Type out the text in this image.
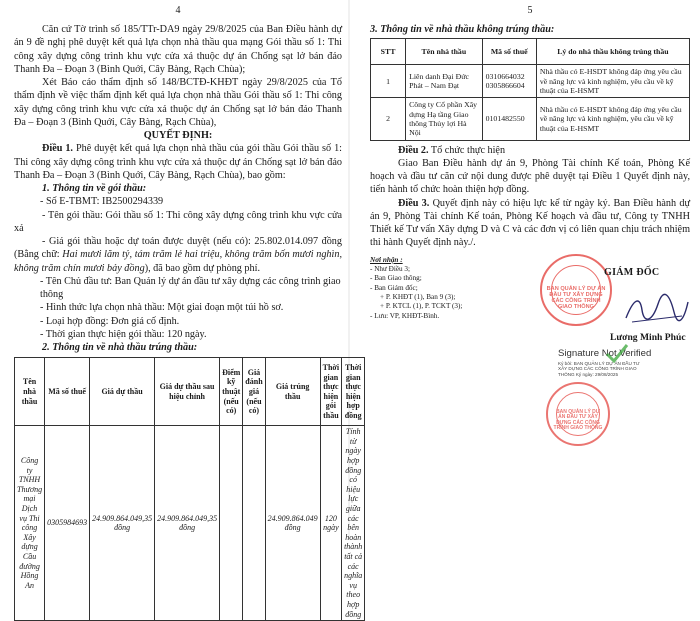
4

Căn cứ Tờ trình số 185/TTr-DA9 ngày 29/8/2025 của Ban Điều hành dự án 9 đề nghị phê duyệt kết quả lựa chọn nhà thầu qua mạng Gói thầu số 1: Thi công xây dựng công trình khu vực cửa xả thuộc dự án Chống sạt lở bán đảo Thanh Đa – Đoạn 3 (Bình Quới, Cây Bàng, Rạch Chùa);

Xét Báo cáo thẩm định số 148/BCTĐ-KHĐT ngày 29/8/2025 của Tổ thẩm định về việc thẩm định kết quả lựa chọn nhà thầu Gói thầu số 1: Thi công xây dựng công trình khu vực cửa xả thuộc dự án Chống sạt lở bán đảo Thanh Đa – Đoạn 3 (Bình Quới, Cây Bàng, Rạch Chùa),

QUYẾT ĐỊNH:

Điều 1. Phê duyệt kết quả lựa chọn nhà thầu của gói thầu Gói thầu số 1: Thi công xây dựng công trình khu vực cửa xả thuộc dự án Chống sạt lở bán đảo Thanh Đa – Đoạn 3 (Bình Quới, Cây Bàng, Rạch Chùa), bao gồm:

1. Thông tin về gói thầu:

- Số E-TBMT: IB2500294339

- Tên gói thầu: Gói thầu số 1: Thi công xây dựng công trình khu vực cửa xả

- Giá gói thầu hoặc dự toán được duyệt (nếu có): 25.802.014.097 đồng (Bằng chữ: Hai mươi lăm tỷ, tám trăm lẻ hai triệu, không trăm bốn mươi nghìn, không trăm chín mươi bảy đồng), đã bao gồm dự phòng phí.

- Tên Chủ đầu tư: Ban Quản lý dự án đầu tư xây dựng các công trình giao thông

- Hình thức lựa chọn nhà thầu: Một giai đoạn một túi hồ sơ.

- Loại hợp đồng: Đơn giá cố định.

- Thời gian thực hiện gói thầu: 120 ngày.

2. Thông tin về nhà thầu trúng thầu:

Tên nhà thầu	Mã số thuế	Giá dự thầu	Giá dự thầu sau hiệu chỉnh	Điểm kỹ thuật (nếu có)	Giá đánh giá (nếu có)	Giá trúng thầu	Thời gian thực hiện gói thầu	Thời gian thực hiện hợp đồng
Công ty TNHH Thương mại Dịch vụ Thi công Xây dựng Cầu đường Hồng An	0305984693	24.909.864.049,35 đồng	24.909.864.049,35 đồng			24.909.864.049 đồng	120 ngày	Tính từ ngày hợp đồng có hiệu lực giữa các bên hoàn thành tất cả các nghĩa vụ theo hợp đồng
5

3. Thông tin về nhà thầu không trúng thầu:

STT	Tên nhà thầu	Mã số thuế	Lý do nhà thầu không trúng thầu
1	Liên danh Đại Đức Phát – Nam Đạt	0310664032 0305866604	Nhà thầu có E-HSDT không đáp ứng yêu cầu về năng lực và kinh nghiệm, yêu cầu về kỹ thuật của E-HSMT
2	Công ty Cổ phần Xây dựng Hạ tầng Giao thông Thủy lợi Hà Nội	0101482550	Nhà thầu có E-HSDT không đáp ứng yêu cầu về năng lực và kinh nghiệm, yêu cầu về kỹ thuật của E-HSMT

Điều 2. Tổ chức thực hiện

Giao Ban Điều hành dự án 9, Phòng Tài chính Kế toán, Phòng Kế hoạch và đầu tư căn cứ nội dung được phê duyệt tại Điều 1 Quyết định này, tiến hành tổ chức hoàn thiện hợp đồng.

Điều 3. Quyết định này có hiệu lực kể từ ngày ký. Ban Điều hành dự án 9, Phòng Tài chính Kế toán, Phòng Kế hoạch và đầu tư, Công ty TNHH Thiết kế Tư vấn Xây dựng D và C và các đơn vị có liên quan chịu trách nhiệm thi hành Quyết định này./.

Nơi nhận :
- Như Điều 3;
- Ban Giao thông;
- Ban Giám đốc;
+ P. KHĐT (1), Ban 9 (3);
+ P. KTCL (1), P. TCKT (3);
- Lưu: VP, KHĐT-Bình.
BAN QUẢN LÝ DỰ ÁN ĐẦU TƯ XÂY DỰNG CÁC CÔNG TRÌNH GIAO THÔNG
GIÁM ĐỐC
Lương Minh Phúc
Signature Not Verified
Ký bởi: BAN QUẢN LÝ DỰ ÁN ĐẦU TƯ XÂY DỰNG CÁC CÔNG TRÌNH GIAO THÔNG Ký ngày: 29/08/2025
BAN QUẢN LÝ DỰ ÁN ĐẦU TƯ XÂY DỰNG CÁC CÔNG TRÌNH GIAO THÔNG
